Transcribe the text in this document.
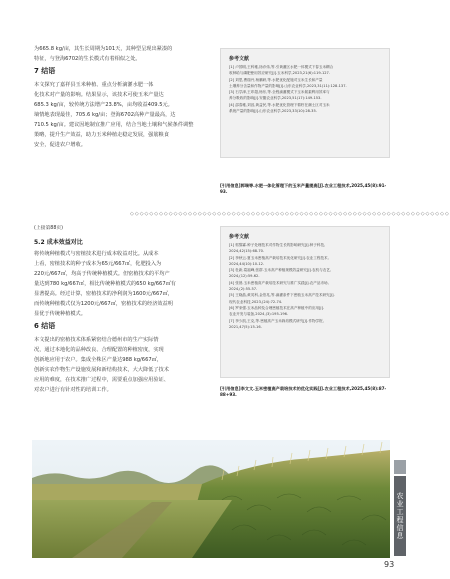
为665.8 kg/亩，其生长周期为101天，其种型呈现出紧凑的
特征，与登海6702的生长模式有着相似之处。
7 结语
本文探究了嘉祥县玉米种植、重点分析滴灌水肥一体
化技术对产量的影响。结果显示，该技术可使玉米产量达
685.3 kg/亩，较传统方法增产23.8%，亩均收益409.5元。
墒情地表现最佳，705.6 kg/亩；登海6702高种产量最高，达
710.5 kg/亩。建议因地制宜推广应用，结合当地土壤和气候条件调整
策略，提升生产效益，助力玉米种植走稳定发展，强筋粮食
安全，促进农户增收。
参考文献
[1] 卢国明,王科雅,扬乔伟,等.引黄灌区水肥一体模式下春玉米耦合
收种给与磷肥使用效应研究[J].玉米科学,2023,21(6):119-127.
[2] 刘思,曹瑞丹,杨鹏研,等.水肥优化配施对玉米生长和产量
土壤养分含量和作物产量的影响[J].山东农业科学,2023,31(11):128-137.
[3] 石学津,王印超,杨东,等.全程滴灌模式下玉米氮素利用效率与
养分吸收的影响[J].安徽农业科学,2023,51(17):149-153.
[4] 邵春雅,刘蕊,黄益民,等.水肥优化管理下棉籽在潮土区对玉米
系统产量的影响[J].山东农业科学,2023,33(10):28-35.
[引用信息]郭瑞等.水肥一体化管理下的玉米产量提高[J].农业工程技术,2025,45(8):91-93.
◇◇◇◇◇◇◇◇◇◇◇◇◇◇◇◇◇◇◇◇◇◇◇◇◇◇◇◇◇◇◇◇◇◇◇◇◇◇◇◇◇◇◇◇◇◇◇◇◇◇◇◇◇◇◇◇◇◇◇◇◇◇◇◇◇◇
(上接第88页)
5.2 成本效益对比
将传统种植模式与密植技术进行成本收益对比。从成本
上看，密植技术的种子成本为65元/667㎡，化肥投入为
220元/667㎡，均高于传统种植模式。但密植技术的平均产
量达到780 kg/667㎡，相比传统种植模式的650 kg/667㎡有
显著提高。经过计算，密植技术的净利润为1600元/667㎡，
而传统种植模式仅为1200元/667㎡，密植技术的经济效益明
显优于传统种植模式。
6 结语
本文提出的密植技术体系紧密结合德州市的生产实际情
况，通过本地化的品种改良、合理配置的种植密度，实现
创新地应用于农户。集成全株区产量达988 kg/667㎡，
创新实农作物生产设施发展和新结构技术，大大降低了技术
应用的难度，在技术推广过程中，需要重点加强应用验证、
对农户进行有针对性的培训工作。
参考文献
[1] 郭黎霖.种子处理技术对作物生长的影响研究[J].种子科技,
2024,42(15):68-70.
[2] 李秋云.夏玉米密植高产栽培技术优化研究[J].农业工程技术,
2024,44(10):10-12.
[3] 杜新,葛福峰,张群.玉米高产种植规模效益研究[J].农机与农艺,
2024,(12):59-62.
[4] 张晨.玉米密植高产栽培技术研究与推广实践[J].农产品市场,
2024,(2):55-57.
[5] 王晓晶,黄英科,金伯兆,等.滴灌条件下密植玉米高产技术研究[J].
现代农业科技,2023,(24):72-74.
[6] 罗来强.玉米品种及合理密植技术在高产种植中的应用[J].
农业开发与装备,2024,(3):195-196.
[7] 李少凯,王克,等.密植高产玉米栽培模式研究[J].作物学报,
2021,47(5):15-16.
[引用信息]李文文.玉米密植高产栽培技术的优化实践[J].农业工程技术,2025,45(8):87-88+93.
农业工程信息
93
